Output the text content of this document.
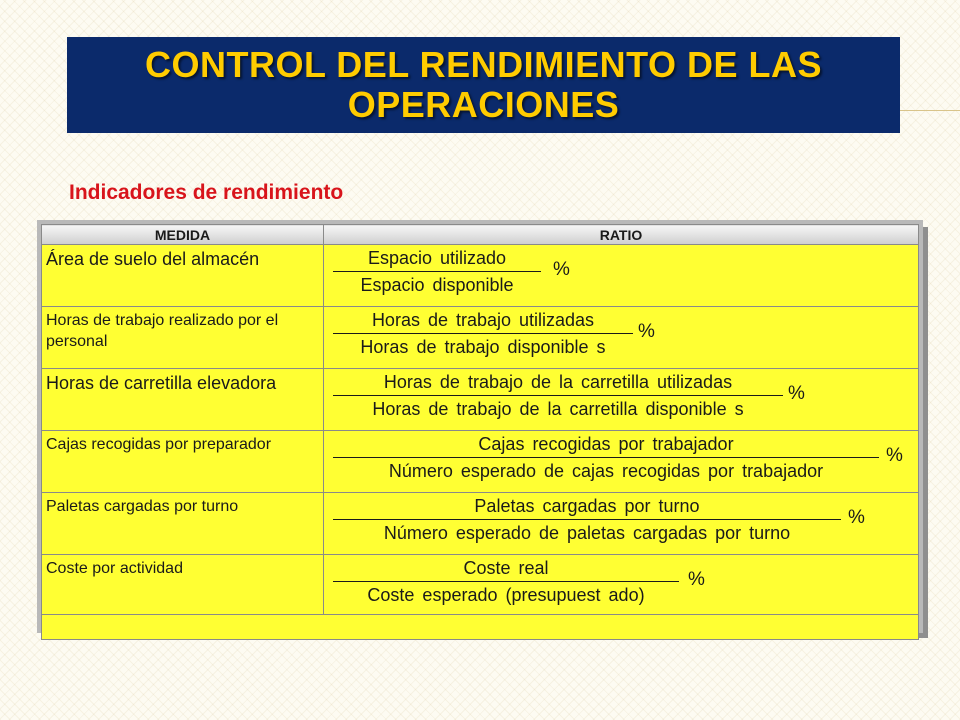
CONTROL DEL RENDIMIENTO DE LAS OPERACIONES
Indicadores de rendimiento
MEDIDA	RATIO
Área de suelo del almacén	Espacio utilizado
Espacio disponible
%

Horas de trabajo realizado por el personal	Horas de trabajo utilizadas
Horas de trabajo disponible s
%

Horas de carretilla elevadora	Horas de trabajo de la carretilla utilizadas
Horas de trabajo de la carretilla disponible s
%

Cajas recogidas por preparador	Cajas recogidas por trabajador
Número esperado de cajas recogidas por trabajador
%

Paletas cargadas por turno	Paletas cargadas por turno
Número esperado de paletas cargadas por turno
%

Coste por actividad	Coste real
Coste esperado (presupuest ado)
%
